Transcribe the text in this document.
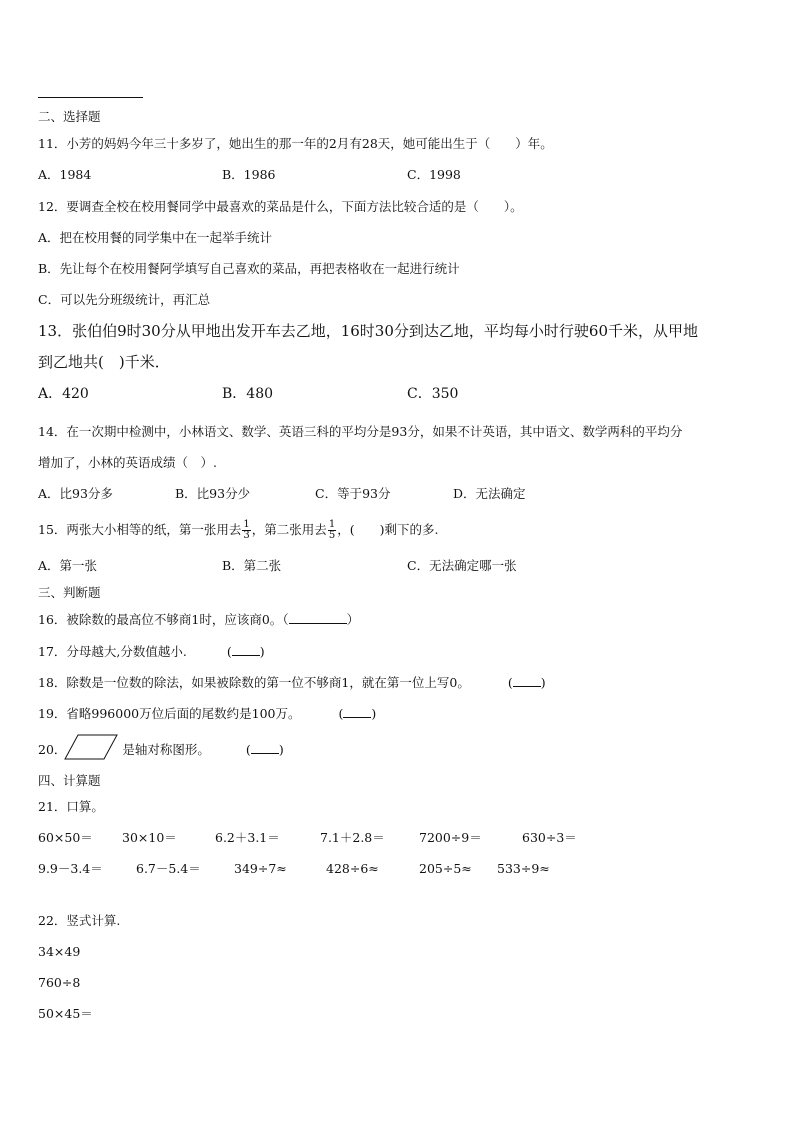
二、选择题
11．小芳的妈妈今年三十多岁了，她出生的那一年的2月有28天，她可能出生于（　　）年。
A．1984	B．1986	C．1998
12．要调查全校在校用餐同学中最喜欢的菜品是什么，下面方法比较合适的是（　　）。
A．把在校用餐的同学集中在一起举手统计
B．先让每个在校用餐阿学填写自己喜欢的菜品，再把表格收在一起进行统计
C．可以先分班级统计，再汇总
13．张伯伯9时30分从甲地出发开车去乙地，16时30分到达乙地，平均每小时行驶60千米，从甲地
到乙地共(　)千米．
A．420	B．480	C．350
14．在一次期中检测中，小林语文、数学、英语三科的平均分是93分，如果不计英语，其中语文、数学两科的平均分
增加了，小林的英语成绩（　）.
A．比93分多	B．比93分少	C．等于93分	D．无法确定
15．两张大小相等的纸，第一张用去 $\frac{1}{3}$ ，第二张用去 $\frac{1}{5}$ ，(　　)剩下的多.
A．第一张	B．第二张	C．无法确定哪一张
三、判断题
16．被除数的最高位不够商1时，应该商0。（	）
17．分母越大,分数值越小.	( )
18．除数是一位数的除法，如果被除数的第一位不够商1，就在第一位上写0。	( )
19．省略996000万位后面的尾数约是100万。	( )
20．	是轴对称图形。	( )
四、计算题
21．口算。
60×50＝ 30×10＝	6.2＋3.1＝	7.1＋2.8＝	7200÷9＝	630÷3＝
9.9－3.4＝	6.7－5.4＝	349÷7≈	428÷6≈	205÷5≈ 533÷9≈
22．竖式计算.
34×49
760÷8
50×45＝
